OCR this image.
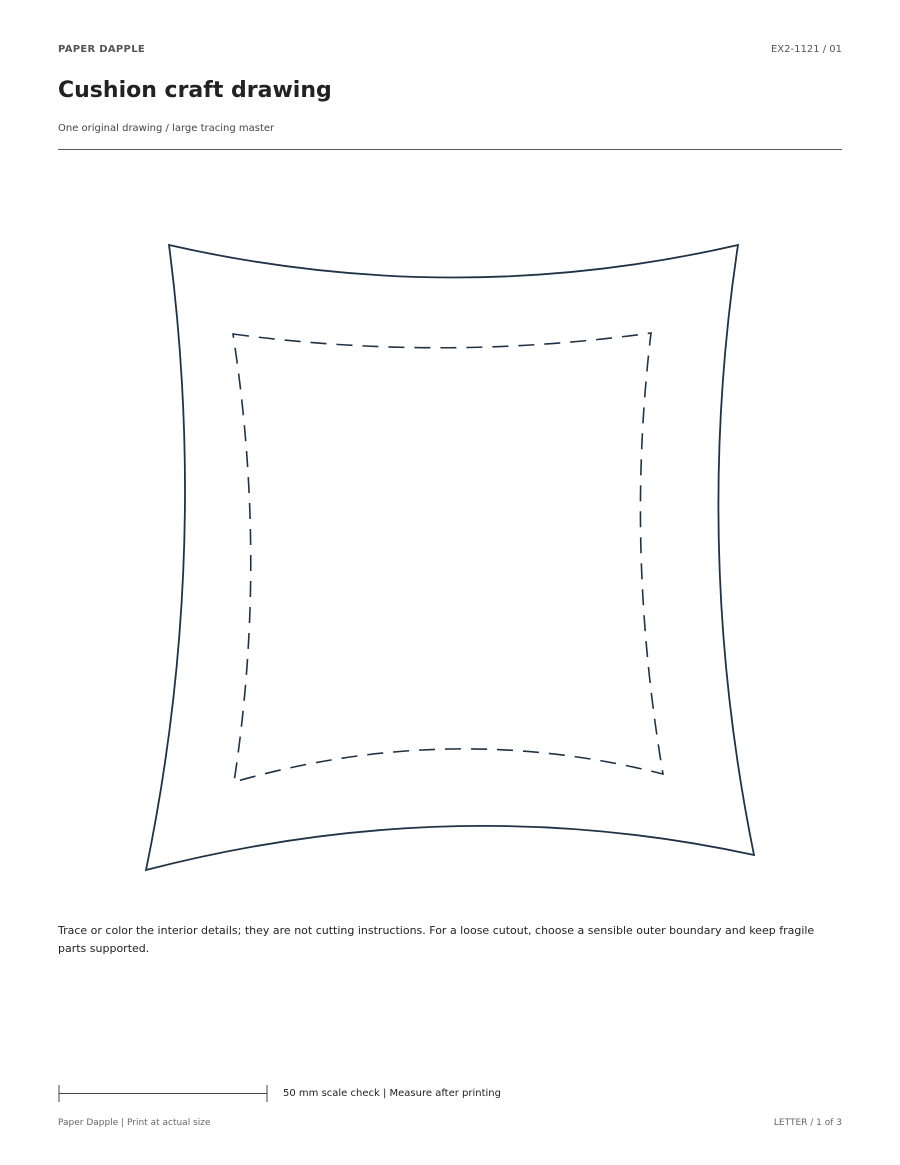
PAPER DAPPLE	EX2-1121 / 01
Cushion craft drawing
One original drawing / large tracing master
Trace or color the interior details; they are not cutting instructions. For a loose cutout, choose a sensible outer boundary and keep fragile parts supported.
50 mm scale check | Measure after printing
Paper Dapple | Print at actual size	LETTER / 1 of 3
